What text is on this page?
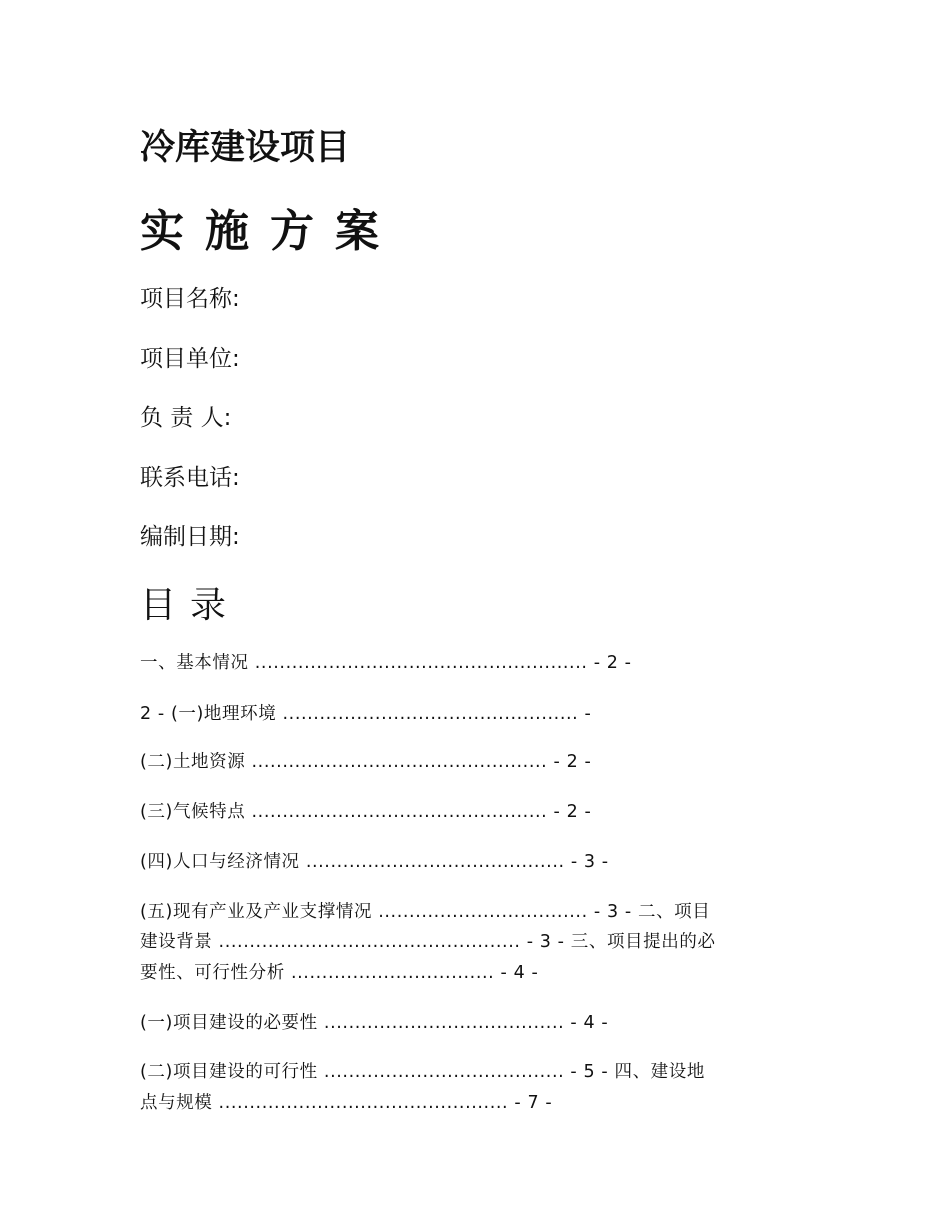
冷库建设项目
实施方案
项目名称:
项目单位:
负 责 人:
联系电话:
编制日期:
目录
一、基本情况 ...................................................... - 2 -
2 - (一)地理环境 ................................................ -
(二)土地资源 ................................................ - 2 -
(三)气候特点 ................................................ - 2 -
(四)人口与经济情况 .......................................... - 3 -
(五)现有产业及产业支撑情况 .................................. - 3 - 二、项目
建设背景 ................................................. - 3 - 三、项目提出的必
要性、可行性分析 ................................. - 4 -
(一)项目建设的必要性 ....................................... - 4 -
(二)项目建设的可行性 ....................................... - 5 - 四、建设地
点与规模 ............................................... - 7 -
